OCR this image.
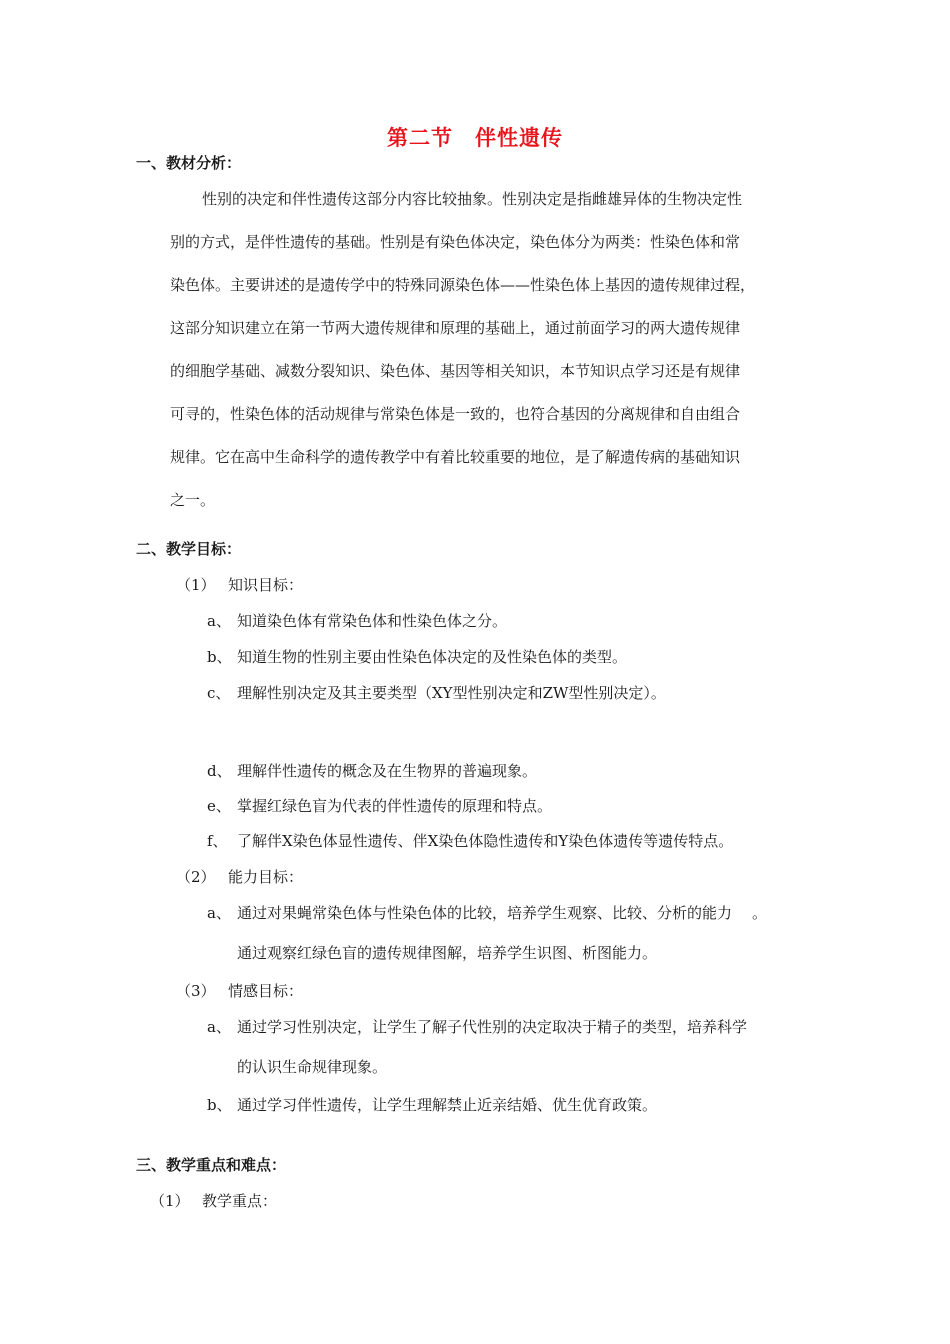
第二节　伴性遗传
一、教材分析：
性别的决定和伴性遗传这部分内容比较抽象。性别决定是指雌雄异体的生物决定性
别的方式，是伴性遗传的基础。性别是有染色体决定，染色体分为两类：性染色体和常
染色体。主要讲述的是遗传学中的特殊同源染色体——性染色体上基因的遗传规律过程，
这部分知识建立在第一节两大遗传规律和原理的基础上，通过前面学习的两大遗传规律
的细胞学基础、减数分裂知识、染色体、基因等相关知识，本节知识点学习还是有规律
可寻的，性染色体的活动规律与常染色体是一致的，也符合基因的分离规律和自由组合
规律。它在高中生命科学的遗传教学中有着比较重要的地位，是了解遗传病的基础知识
之一。
二、教学目标：
（1） 知识目标：
a、 知道染色体有常染色体和性染色体之分。
b、 知道生物的性别主要由性染色体决定的及性染色体的类型。
c、 理解性别决定及其主要类型（XY型性别决定和ZW型性别决定）。
d、 理解伴性遗传的概念及在生物界的普遍现象。
e、 掌握红绿色盲为代表的伴性遗传的原理和特点。
f、 了解伴X染色体显性遗传、伴X染色体隐性遗传和Y染色体遗传等遗传特点。
（2） 能力目标：
a、 通过对果蝇常染色体与性染色体的比较，培养学生观察、比较、分析的能力 。
通过观察红绿色盲的遗传规律图解，培养学生识图、析图能力。
（3） 情感目标：
a、 通过学习性别决定，让学生了解子代性别的决定取决于精子的类型，培养科学
的认识生命规律现象。
b、 通过学习伴性遗传，让学生理解禁止近亲结婚、优生优育政策。
三、教学重点和难点：
（1） 教学重点：
